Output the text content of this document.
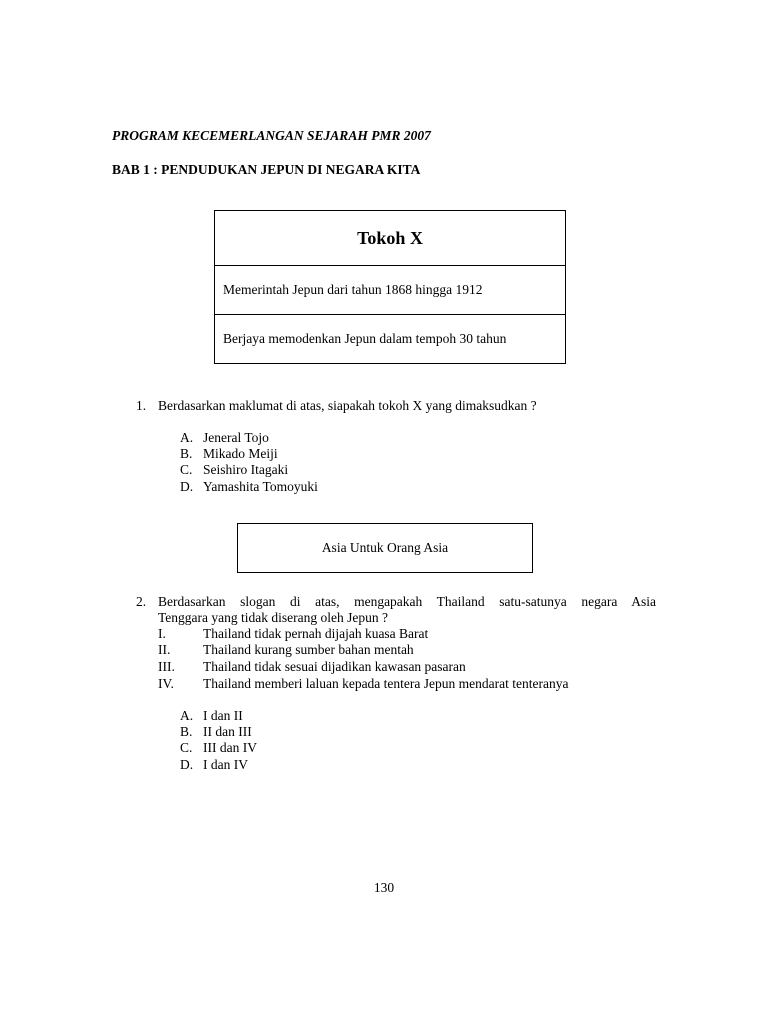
PROGRAM KECEMERLANGAN SEJARAH PMR 2007
BAB 1 : PENDUDUKAN JEPUN DI NEGARA KITA
Tokoh X
Memerintah Jepun dari tahun 1868 hingga 1912
Berjaya memodenkan Jepun dalam tempoh 30 tahun
1. Berdasarkan maklumat di atas, siapakah tokoh X yang dimaksudkan ?
A. Jeneral Tojo
B. Mikado Meiji
C. Seishiro Itagaki
D. Yamashita Tomoyuki
Asia Untuk Orang Asia
2. Berdasarkan slogan di atas, mengapakah Thailand satu-satunya negara Asia
Tenggara yang tidak diserang oleh Jepun ?
I.	Thailand tidak pernah dijajah kuasa Barat
II. Thailand kurang sumber bahan mentah
III. Thailand tidak sesuai dijadikan kawasan pasaran
IV. Thailand memberi laluan kepada tentera Jepun mendarat tenteranya
A. I dan II
B. II dan III
C. III dan IV
D. I dan IV
130
